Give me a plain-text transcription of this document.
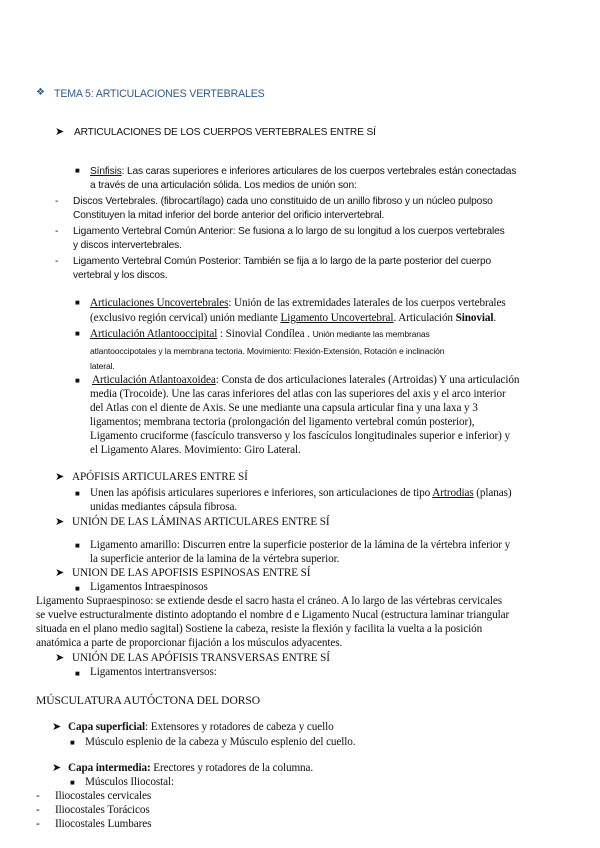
❖ TEMA 5: ARTICULACIONES VERTEBRALES
➤ ARTICULACIONES DE LOS CUERPOS VERTEBRALES ENTRE SÍ
■ Sínfisis: Las caras superiores e inferiores articulares de los cuerpos vertebrales están conectadas
a través de una articulación sólida. Los medios de unión son:
- Discos Vertebrales. (fibrocartílago) cada uno constituido de un anillo fibroso y un núcleo pulposo
Constituyen la mitad inferior del borde anterior del orificio intervertebral.
- Ligamento Vertebral Común Anterior: Se fusiona a lo largo de su longitud a los cuerpos vertebrales
y discos intervertebrales.
- Ligamento Vertebral Común Posterior: También se fija a lo largo de la parte posterior del cuerpo
vertebral y los discos.
■ Articulaciones Uncovertebrales: Unión de las extremidades laterales de los cuerpos vertebrales
(exclusivo región cervical) unión mediante Ligamento Uncovertebral. Articulación Sinovial.
■ Articulación Atlantooccipital : Sinovial Condílea . Unión mediante las membranas
atlantooccipotales y la membrana tectoria. Movimiento: Flexión-Extensión, Rotación e inclinación
lateral.
■ Articulación Atlantoaxoidea: Consta de dos articulaciones laterales (Artroidas) Y una articulación
media (Trocoide). Une las caras inferiores del atlas con las superiores del axis y el arco interior
del Atlas con el diente de Axis. Se une mediante una capsula articular fina y una laxa y 3
ligamentos; membrana tectoria (prolongación del ligamento vertebral común posterior),
Ligamento cruciforme (fascículo transverso y los fascículos longitudinales superior e inferior) y
el Ligamento Alares. Movimiento: Giro Lateral.
➤ APÓFISIS ARTICULARES ENTRE SÍ
■ Unen las apófisis articulares superiores e inferiores, son articulaciones de tipo Artrodias (planas)
unidas mediantes cápsula fibrosa.
➤ UNIÓN DE LAS LÁMINAS ARTICULARES ENTRE SÍ
■ Ligamento amarillo: Discurren entre la superficie posterior de la lámina de la vértebra inferior y
la superficie anterior de la lamina de la vértebra superior.
➤ UNION DE LAS APOFISIS ESPINOSAS ENTRE SÍ
■ Ligamentos Intraespinosos
Ligamento Supraespinoso: se extiende desde el sacro hasta el cráneo. A lo largo de las vértebras cervicales
se vuelve estructuralmente distinto adoptando el nombre d e Ligamento Nucal (estructura laminar triangular
situada en el plano medio sagital) Sostiene la cabeza, resiste la flexión y facilita la vuelta a la posición
anatómica a parte de proporcionar fijación a los músculos adyacentes.
➤ UNIÓN DE LAS APÓFISIS TRANSVERSAS ENTRE SÍ
■ Ligamentos intertransversos:
MÚSCULATURA AUTÓCTONA DEL DORSO
➤ Capa superficial: Extensores y rotadores de cabeza y cuello
■ Músculo esplenio de la cabeza y Músculo esplenio del cuello.
➤ Capa intermedia: Erectores y rotadores de la columna.
■ Músculos Iliocostal:
- Iliocostales cervicales
- Iliocostales Torácicos
- Iliocostales Lumbares
